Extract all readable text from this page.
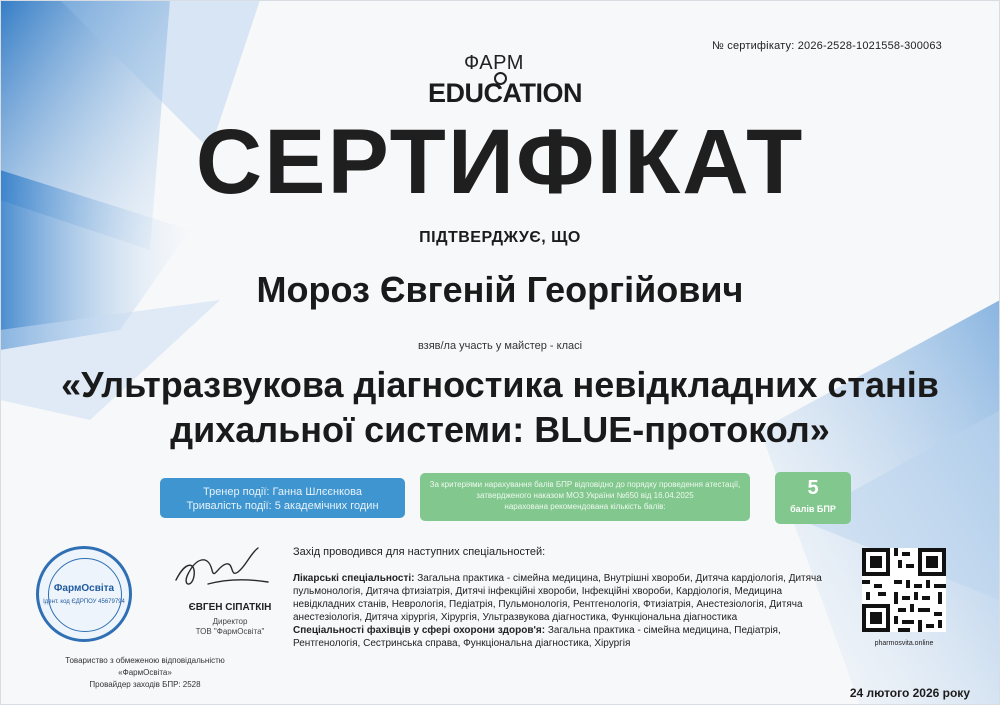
№ сертифікату: 2026-2528-1021558-300063
ФАРМ
EDUCATION
СЕРТИФІКАТ
ПІДТВЕРДЖУЄ, ЩО
Мороз Євгеній Георгійович
взяв/ла участь у майстер - класі
«Ультразвукова діагностика невідкладних станів дихальної системи: BLUE-протокол»
Тренер події: Ганна Шлєєнкова
Тривалість події: 5 академічних годин
За критеріями нарахування балів БПР відповідно до порядку проведення атестації, затвердженого наказом МОЗ України №650 від 16.04.2025
нарахована рекомендована кількість балів:
5
балів БПР
Захід проводився для наступних спеціальностей:
Лікарські спеціальності: Загальна практика - сімейна медицина, Внутрішні хвороби, Дитяча кардіологія, Дитяча пульмонологія, Дитяча фтизіатрія, Дитячі інфекційні хвороби, Інфекційні хвороби, Кардіологія, Медицина невідкладних станів, Неврологія, Педіатрія, Пульмонологія, Рентгенологія, Фтизіатрія, Анестезіологія, Дитяча анестезіологія, Дитяча хірургія, Хірургія, Ультразвукова діагностика, Функціональна діагностика
Спеціальності фахівців у сфері охорони здоров'я: Загальна практика - сімейна медицина, Педіатрія, Рентгенологія, Сестринська справа, Функціональна діагностика, Хірургія
ФармОсвіта
Ідент. код ЄДРПОУ 45679794	ЄВГЕН СІПАТКІН
Директор
ТОВ "ФармОсвіта"
Товариство з обмеженою відповідальністю
«ФармОсвіта»
Провайдер заходів БПР: 2528
pharmosvita.online
24 лютого 2026 року
